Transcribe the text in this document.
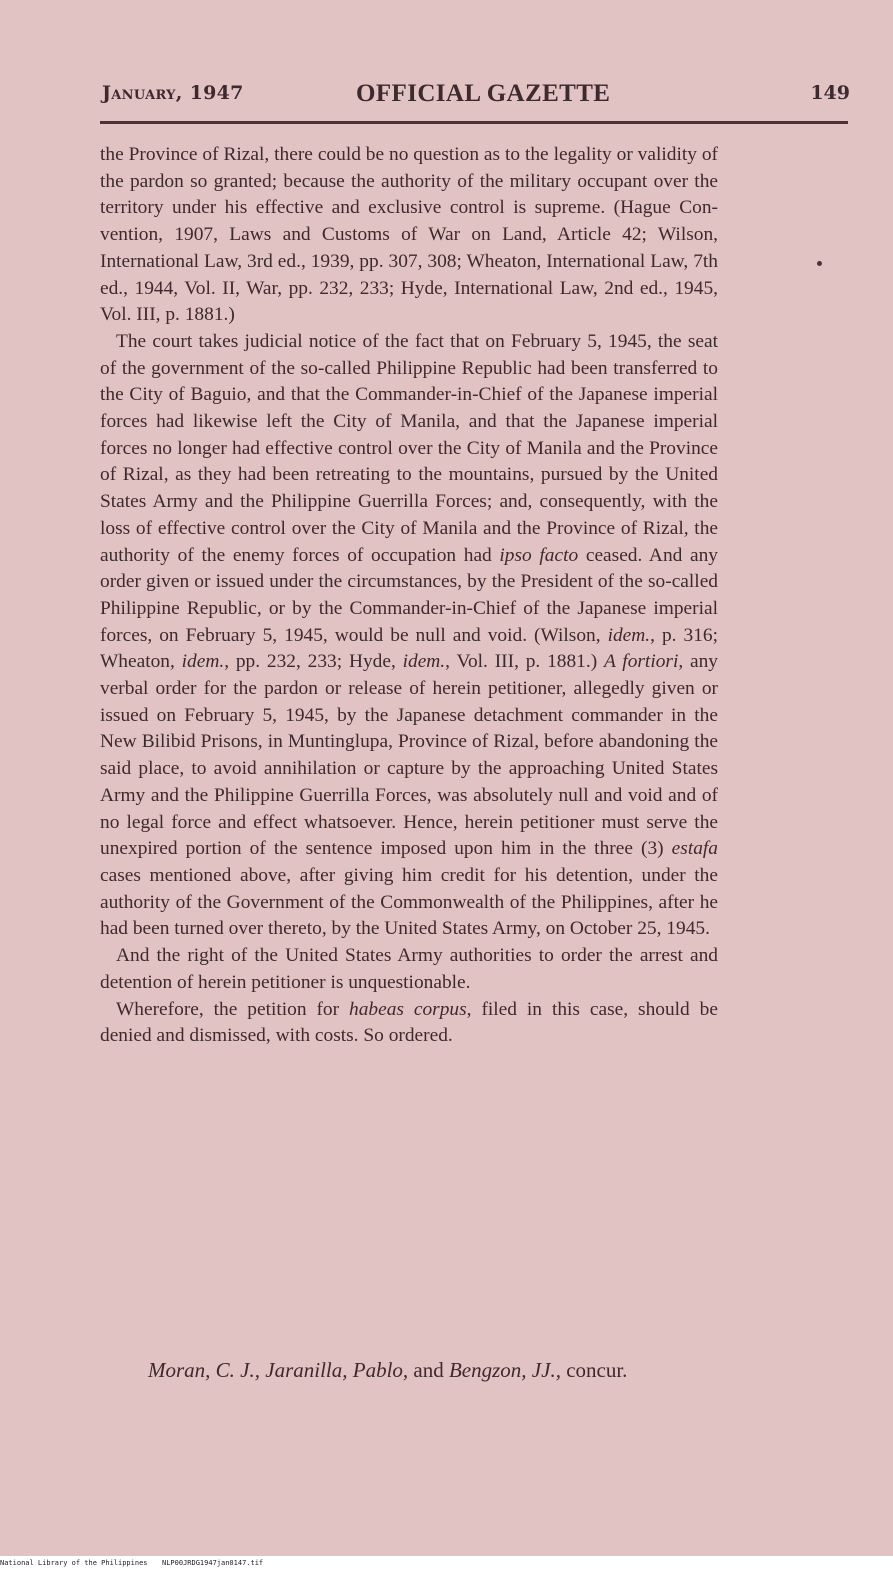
January, 1947	OFFICIAL GAZETTE	149

the Province of Rizal, there could be no question as to the legality or validity of the pardon so granted; because the authority of the military occupant over the territory under his effective and exclusive control is supreme. (Hague Convention, 1907, Laws and Customs of War on Land, Article 42; Wilson, International Law, 3rd ed., 1939, pp. 307, 308; Wheaton, International Law, 7th ed., 1944, Vol. II, War, pp. 232, 233; Hyde, International Law, 2nd ed., 1945, Vol. III, p. 1881.)

The court takes judicial notice of the fact that on February 5, 1945, the seat of the government of the so-called Philippine Republic had been transferred to the City of Baguio, and that the Commander-in-Chief of the Japanese imperial forces had likewise left the City of Manila, and that the Japanese imperial forces no longer had effective control over the City of Manila and the Province of Rizal, as they had been retreating to the mountains, pursued by the United States Army and the Philippine Guerrilla Forces; and, consequently, with the loss of effective control over the City of Manila and the Province of Rizal, the authority of the enemy forces of occupation had ipso facto ceased. And any order given or issued under the circumstances, by the President of the so-called Philippine Republic, or by the Commander-in-Chief of the Japanese imperial forces, on February 5, 1945, would be null and void. (Wilson, idem., p. 316; Wheaton, idem., pp. 232, 233; Hyde, idem., Vol. III, p. 1881.) A fortiori, any verbal order for the pardon or release of herein petitioner, allegedly given or issued on February 5, 1945, by the Japanese detachment commander in the New Bilibid Prisons, in Muntinglupa, Province of Rizal, before abandoning the said place, to avoid annihilation or capture by the approaching United States Army and the Philippine Guerrilla Forces, was absolutely null and void and of no legal force and effect whatsoever. Hence, herein petitioner must serve the unexpired portion of the sentence imposed upon him in the three (3) estafa cases mentioned above, after giving him credit for his detention, under the authority of the Government of the Commonwealth of the Philippines, after he had been turned over thereto, by the United States Army, on October 25, 1945.

And the right of the United States Army authorities to order the arrest and detention of herein petitioner is unquestionable.

Wherefore, the petition for habeas corpus, filed in this case, should be denied and dismissed, with costs. So ordered.

Moran, C. J., Jaranilla, Pablo, and Bengzon, JJ., concur.
National Library of the Philippines NLP00JRDG1947jan0147.tif
